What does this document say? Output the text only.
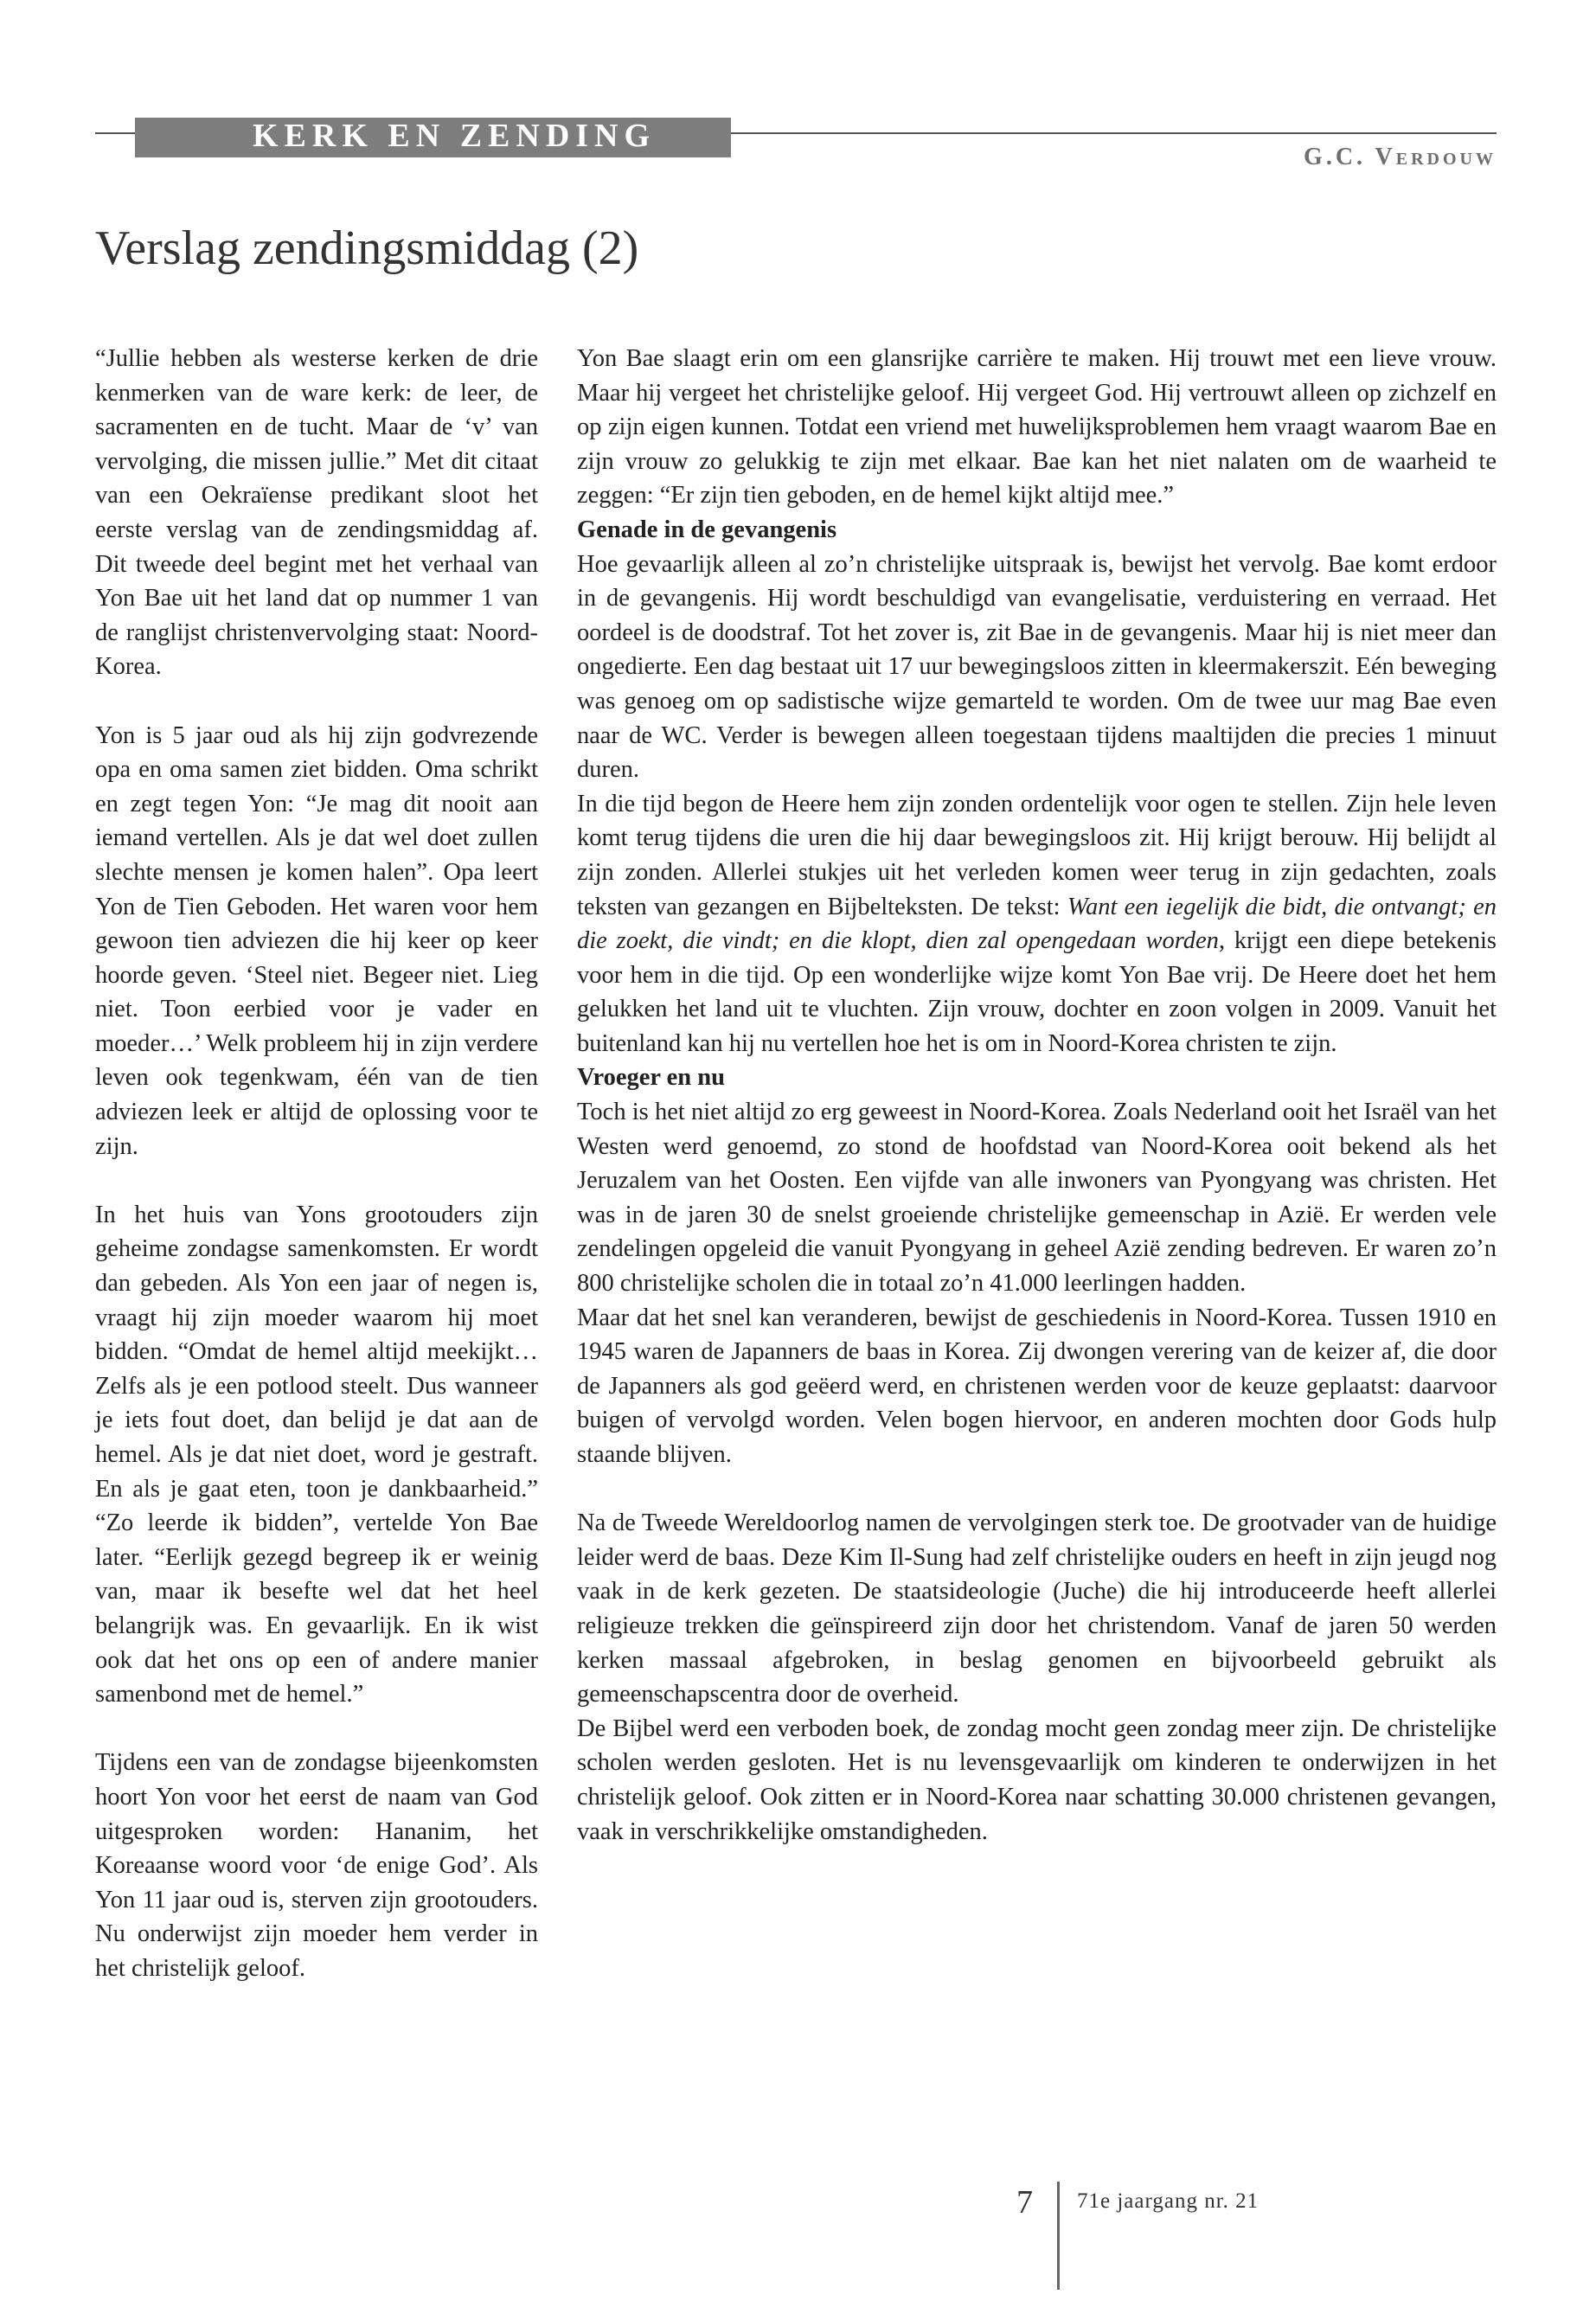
KERK EN ZENDING
G.C. Verdouw
Verslag zendingsmiddag (2)

“Jullie hebben als westerse kerken de drie kenmerken van de ware kerk: de leer, de sacramenten en de tucht. Maar de ‘v’ van vervolging, die missen jullie.” Met dit citaat van een Oekraïense predikant sloot het eerste verslag van de zendingsmiddag af. Dit tweede deel begint met het verhaal van Yon Bae uit het land dat op nummer 1 van de ranglijst christenvervolging staat: Noord-Korea.

Yon is 5 jaar oud als hij zijn godvrezende opa en oma samen ziet bidden. Oma schrikt en zegt tegen Yon: “Je mag dit nooit aan iemand vertellen. Als je dat wel doet zullen slechte mensen je komen halen”. Opa leert Yon de Tien Geboden. Het waren voor hem gewoon tien adviezen die hij keer op keer hoorde geven. ‘Steel niet. Begeer niet. Lieg niet. Toon eerbied voor je vader en moeder…’ Welk probleem hij in zijn verdere leven ook tegenkwam, één van de tien adviezen leek er altijd de oplossing voor te zijn.

In het huis van Yons grootouders zijn geheime zondagse samenkomsten. Er wordt dan gebeden. Als Yon een jaar of negen is, vraagt hij zijn moeder waarom hij moet bidden. “Omdat de hemel altijd meekijkt… Zelfs als je een potlood steelt. Dus wanneer je iets fout doet, dan belijd je dat aan de hemel. Als je dat niet doet, word je gestraft. En als je gaat eten, toon je dankbaarheid.” “Zo leerde ik bidden”, vertelde Yon Bae later. “Eerlijk gezegd begreep ik er weinig van, maar ik besefte wel dat het heel belangrijk was. En gevaarlijk. En ik wist ook dat het ons op een of andere manier samenbond met de hemel.”

Tijdens een van de zondagse bijeenkomsten hoort Yon voor het eerst de naam van God uitgesproken worden: Hananim, het Koreaanse woord voor ‘de enige God’. Als Yon 11 jaar oud is, sterven zijn grootouders. Nu onderwijst zijn moeder hem verder in het christelijk geloof.

Yon Bae slaagt erin om een glansrijke carrière te maken. Hij trouwt met een lieve vrouw. Maar hij vergeet het christelijke geloof. Hij vergeet God. Hij vertrouwt alleen op zichzelf en op zijn eigen kunnen. Totdat een vriend met huwelijksproblemen hem vraagt waarom Bae en zijn vrouw zo gelukkig te zijn met elkaar. Bae kan het niet nalaten om de waarheid te zeggen: “Er zijn tien geboden, en de hemel kijkt altijd mee.”

Genade in de gevangenis

Hoe gevaarlijk alleen al zo’n christelijke uitspraak is, bewijst het vervolg. Bae komt erdoor in de gevangenis. Hij wordt beschuldigd van evangelisatie, verduistering en verraad. Het oordeel is de doodstraf. Tot het zover is, zit Bae in de gevangenis. Maar hij is niet meer dan ongedierte. Een dag bestaat uit 17 uur bewegingsloos zitten in kleermakerszit. Eén beweging was genoeg om op sadistische wijze gemarteld te worden. Om de twee uur mag Bae even naar de WC. Verder is bewegen alleen toegestaan tijdens maaltijden die precies 1 minuut duren.

In die tijd begon de Heere hem zijn zonden ordentelijk voor ogen te stellen. Zijn hele leven komt terug tijdens die uren die hij daar bewegingsloos zit. Hij krijgt berouw. Hij belijdt al zijn zonden. Allerlei stukjes uit het verleden komen weer terug in zijn gedachten, zoals teksten van gezangen en Bijbelteksten. De tekst: Want een iegelijk die bidt, die ontvangt; en die zoekt, die vindt; en die klopt, dien zal opengedaan worden, krijgt een diepe betekenis voor hem in die tijd. Op een wonderlijke wijze komt Yon Bae vrij. De Heere doet het hem gelukken het land uit te vluchten. Zijn vrouw, dochter en zoon volgen in 2009. Vanuit het buitenland kan hij nu vertellen hoe het is om in Noord-Korea christen te zijn.

Vroeger en nu

Toch is het niet altijd zo erg geweest in Noord-Korea. Zoals Nederland ooit het Israël van het Westen werd genoemd, zo stond de hoofdstad van Noord-Korea ooit bekend als het Jeruzalem van het Oosten. Een vijfde van alle inwoners van Pyongyang was christen. Het was in de jaren 30 de snelst groeiende christelijke gemeenschap in Azië. Er werden vele zendelingen opgeleid die vanuit Pyongyang in geheel Azië zending bedreven. Er waren zo’n 800 christelijke scholen die in totaal zo’n 41.000 leerlingen hadden.

Maar dat het snel kan veranderen, bewijst de geschiedenis in Noord-Korea. Tussen 1910 en 1945 waren de Japanners de baas in Korea. Zij dwongen verering van de keizer af, die door de Japanners als god geëerd werd, en christenen werden voor de keuze geplaatst: daarvoor buigen of vervolgd worden. Velen bogen hiervoor, en anderen mochten door Gods hulp staande blijven.

Na de Tweede Wereldoorlog namen de vervolgingen sterk toe. De grootvader van de huidige leider werd de baas. Deze Kim Il-Sung had zelf christelijke ouders en heeft in zijn jeugd nog vaak in de kerk gezeten. De staatsideologie (Juche) die hij introduceerde heeft allerlei religieuze trekken die geïnspireerd zijn door het christendom. Vanaf de jaren 50 werden kerken massaal afgebroken, in beslag genomen en bijvoorbeeld gebruikt als gemeenschapscentra door de overheid.

De Bijbel werd een verboden boek, de zondag mocht geen zondag meer zijn. De christelijke scholen werden gesloten. Het is nu levensgevaarlijk om kinderen te onderwijzen in het christelijk geloof. Ook zitten er in Noord-Korea naar schatting 30.000 christenen gevangen, vaak in verschrikkelijke omstandigheden.

7 71e jaargang nr. 21
